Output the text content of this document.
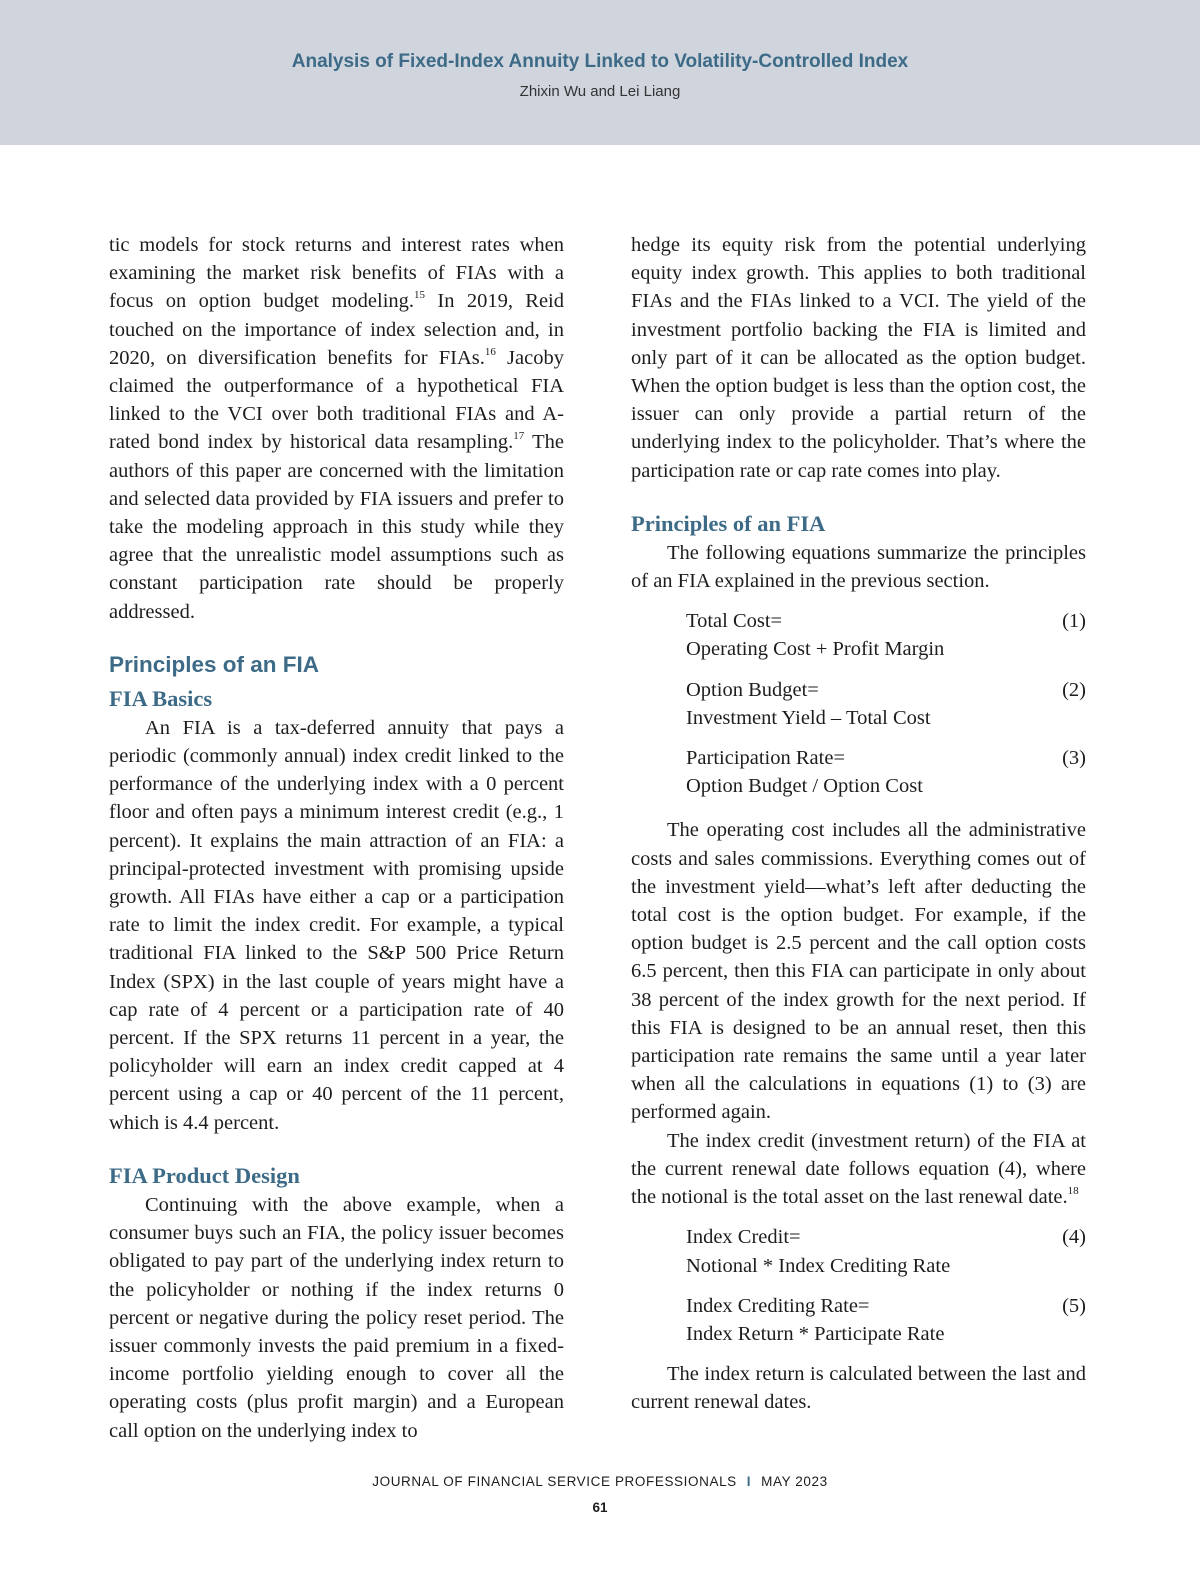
Analysis of Fixed-Index Annuity Linked to Volatility-Controlled Index
Zhixin Wu and Lei Liang

tic models for stock returns and interest rates when examining the market risk benefits of FIAs with a focus on option budget modeling.$^{15}$ In 2019, Reid touched on the importance of index selection and, in 2020, on diversification benefits for FIAs.$^{16}$ Jacoby claimed the outperformance of a hypothetical FIA linked to the VCI over both traditional FIAs and A-rated bond index by historical data resampling.$^{17}$ The authors of this paper are concerned with the limitation and selected data provided by FIA issuers and prefer to take the modeling approach in this study while they agree that the unrealistic model assumptions such as constant participation rate should be properly addressed.

Principles of an FIA
FIA Basics

An FIA is a tax-deferred annuity that pays a periodic (commonly annual) index credit linked to the performance of the underlying index with a 0 percent floor and often pays a minimum interest credit (e.g., 1 percent). It explains the main attraction of an FIA: a principal-protected investment with promising upside growth. All FIAs have either a cap or a participation rate to limit the index credit. For example, a typical traditional FIA linked to the S&P 500 Price Return Index (SPX) in the last couple of years might have a cap rate of 4 percent or a participation rate of 40 percent. If the SPX returns 11 percent in a year, the policyholder will earn an index credit capped at 4 percent using a cap or 40 percent of the 11 percent, which is 4.4 percent.

FIA Product Design

Continuing with the above example, when a consumer buys such an FIA, the policy issuer becomes obligated to pay part of the underlying index return to the policyholder or nothing if the index returns 0 percent or negative during the policy reset period. The issuer commonly invests the paid premium in a fixed-income portfolio yielding enough to cover all the operating costs (plus profit margin) and a European call option on the underlying index to

hedge its equity risk from the potential underlying equity index growth. This applies to both traditional FIAs and the FIAs linked to a VCI. The yield of the investment portfolio backing the FIA is limited and only part of it can be allocated as the option budget. When the option budget is less than the option cost, the issuer can only provide a partial return of the underlying index to the policyholder. That’s where the participation rate or cap rate comes into play.

Principles of an FIA

The following equations summarize the principles of an FIA explained in the previous section.

Total Cost=
Operating Cost + Profit Margin
(1)
Option Budget=
Investment Yield – Total Cost
(2)
Participation Rate=
Option Budget / Option Cost
(3)

The operating cost includes all the administrative costs and sales commissions. Everything comes out of the investment yield—what’s left after deducting the total cost is the option budget. For example, if the option budget is 2.5 percent and the call option costs 6.5 percent, then this FIA can participate in only about 38 percent of the index growth for the next period. If this FIA is designed to be an annual reset, then this participation rate remains the same until a year later when all the calculations in equations (1) to (3) are performed again.

The index credit (investment return) of the FIA at the current renewal date follows equation (4), where the notional is the total asset on the last renewal date.$^{18}$

Index Credit=
Notional * Index Crediting Rate
(4)
Index Crediting Rate=
Index Return * Participate Rate
(5)

The index return is calculated between the last and current renewal dates.

JOURNAL OF FINANCIAL SERVICE PROFESSIONALS I MAY 2023
61
